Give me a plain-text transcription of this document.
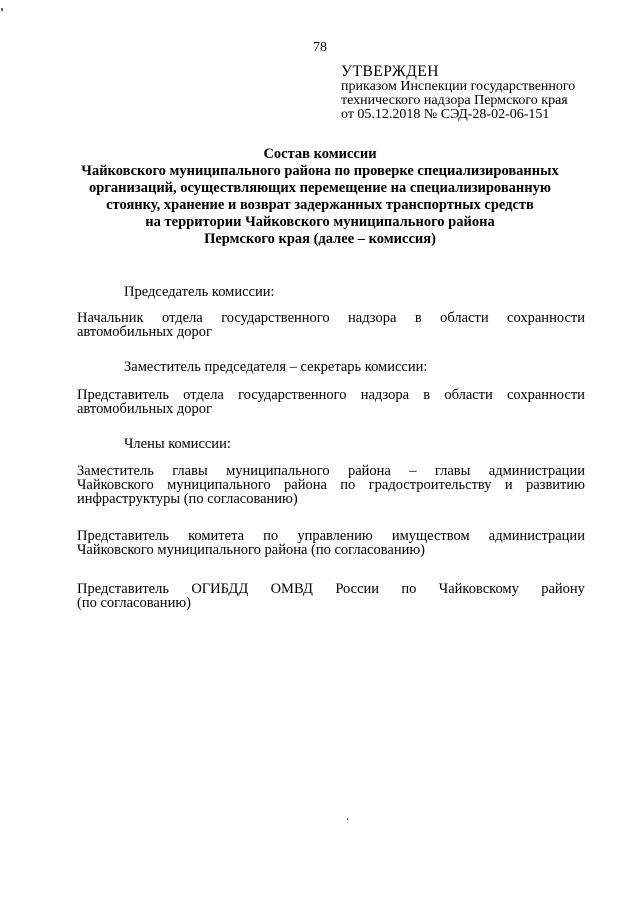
78
УТВЕРЖДЕН
приказом Инспекции государственного
технического надзора Пермского края
от 05.12.2018 № СЭД-28-02-06-151
Состав комиссии
Чайковского муниципального района по проверке специализированных
организаций, осуществляющих перемещение на специализированную
стоянку, хранение и возврат задержанных транспортных средств
на территории Чайковского муниципального района
Пермского края (далее – комиссия)
Председатель комиссии:
Начальник отдела государственного надзора в области сохранности
автомобильных дорог
Заместитель председателя – секретарь комиссии:
Представитель отдела государственного надзора в области сохранности
автомобильных дорог
Члены комиссии:
Заместитель главы муниципального района – главы администрации
Чайковского муниципального района по градостроительству и развитию
инфраструктуры (по согласованию)
Представитель комитета по управлению имуществом администрации
Чайковского муниципального района (по согласованию)
Представитель ОГИБДД ОМВД России по Чайковскому району
(по согласованию)
